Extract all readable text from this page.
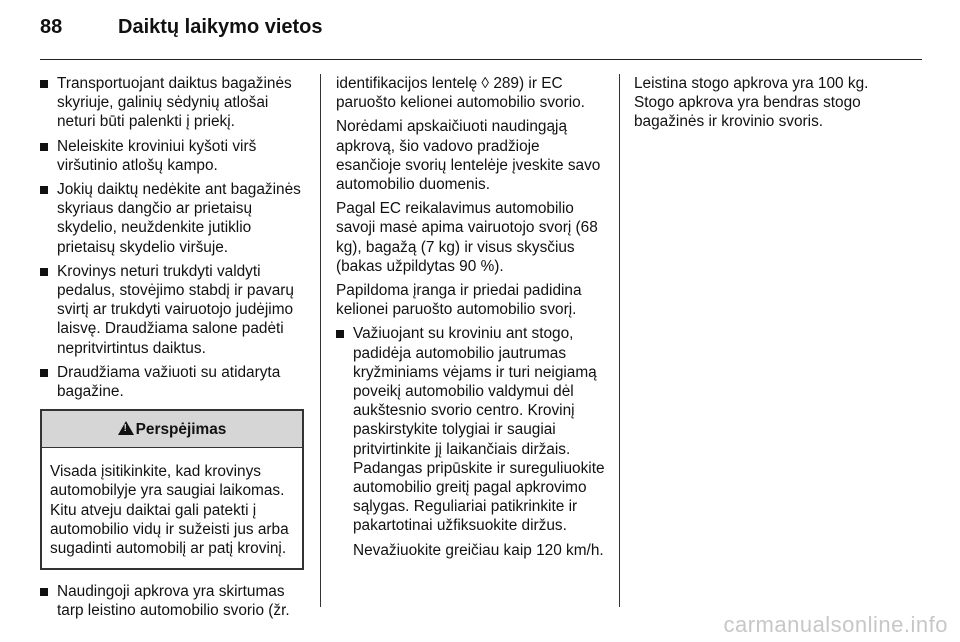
88	Daiktų laikymo vietos

Transportuojant daiktus bagažinės skyriuje, galinių sėdynių atlošai neturi būti palenkti į priekį.

Neleiskite kroviniui kyšoti virš viršutinio atlošų kampo.

Jokių daiktų nedėkite ant bagažinės skyriaus dangčio ar prietaisų skydelio, neuždenkite jutiklio prietaisų skydelio viršuje.

Krovinys neturi trukdyti valdyti pedalus, stovėjimo stabdį ir pavarų svirtį ar trukdyti vairuotojo judėjimo laisvę. Draudžiama salone padėti nepritvirtintus daiktus.

Draudžiama važiuoti su atidaryta bagažine.

!
Perspėjimas
Visada įsitikinkite, kad krovinys automobilyje yra saugiai laikomas. Kitu atveju daiktai gali patekti į automobilio vidų ir sužeisti jus arba sugadinti automobilį ar patį krovinį.

Naudingoji apkrova yra skirtumas tarp leistino automobilio svorio (žr.

identifikacijos lentelę ◊ 289) ir EC paruošto kelionei automobilio svorio.

Norėdami apskaičiuoti naudingąją apkrovą, šio vadovo pradžioje esančioje svorių lentelėje įveskite savo automobilio duomenis.

Pagal EC reikalavimus automobilio savoji masė apima vairuotojo svorį (68 kg), bagažą (7 kg) ir visus skysčius (bakas užpildytas 90 %).

Papildoma įranga ir priedai padidina kelionei paruošto automobilio svorį.

Važiuojant su kroviniu ant stogo, padidėja automobilio jautrumas kryžminiams vėjams ir turi neigiamą poveikį automobilio valdymui dėl aukštesnio svorio centro. Krovinį paskirstykite tolygiai ir saugiai pritvirtinkite jį laikančiais diržais. Padangas pripūskite ir sureguliuokite automobilio greitį pagal apkrovimo sąlygas. Reguliariai patikrinkite ir pakartotinai užfiksuokite diržus.

Nevažiuokite greičiau kaip 120 km/h.

Leistina stogo apkrova yra 100 kg. Stogo apkrova yra bendras stogo bagažinės ir krovinio svoris.

carmanualsonline.info
